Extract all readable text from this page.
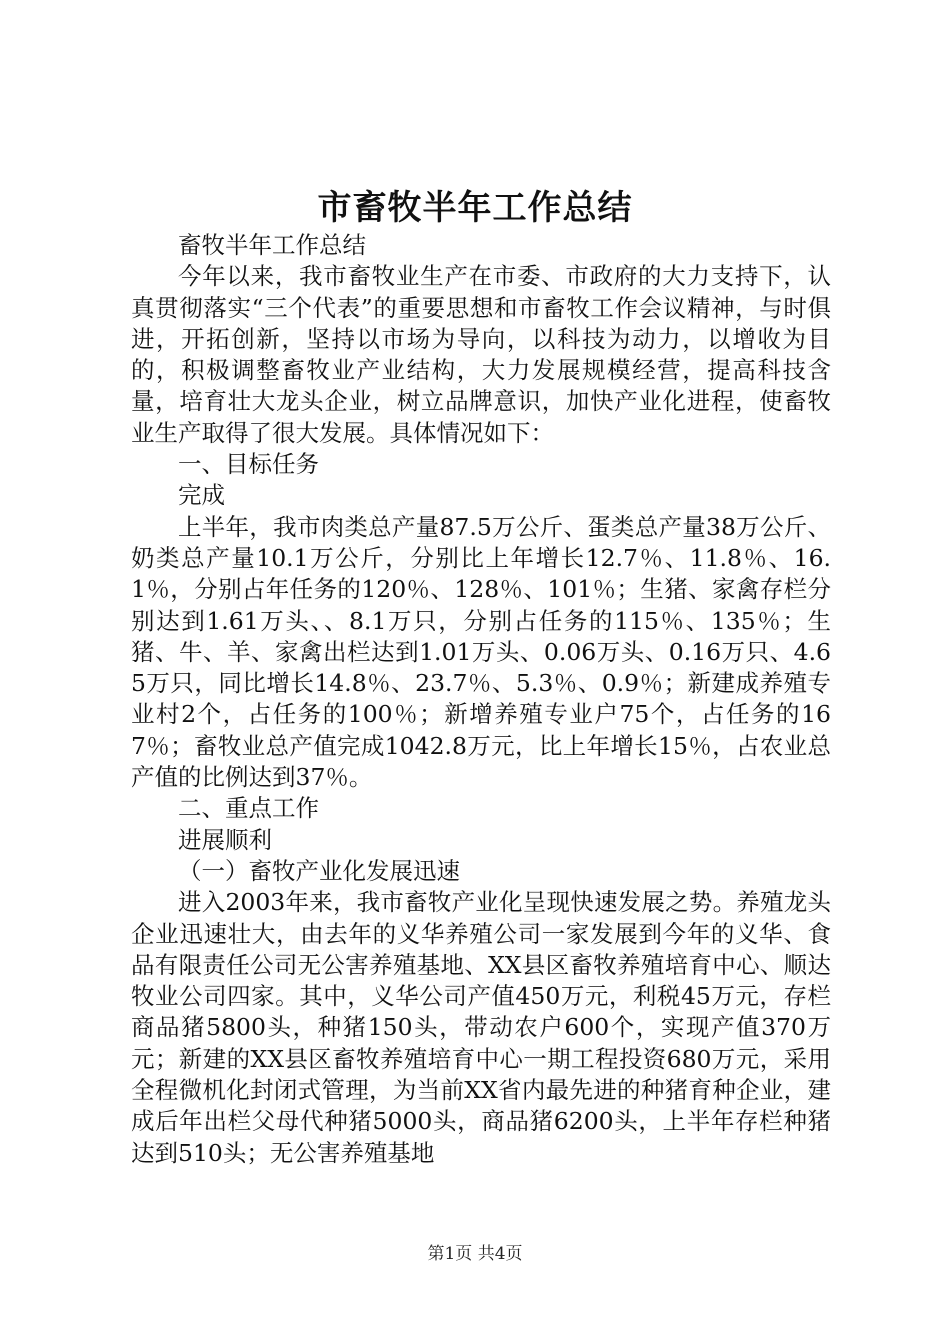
市畜牧半年工作总结

畜牧半年工作总结

今年以来，我市畜牧业生产在市委、市政府的大力支持下，认真贯彻落实“三个代表”的重要思想和市畜牧工作会议精神，与时俱进，开拓创新，坚持以市场为导向，以科技为动力，以增收为目的，积极调整畜牧业产业结构，大力发展规模经营，提高科技含量，培育壮大龙头企业，树立品牌意识，加快产业化进程，使畜牧业生产取得了很大发展。具体情况如下：

一、目标任务

完成

上半年，我市肉类总产量87.5万公斤、蛋类总产量38万公斤、奶类总产量10.1万公斤，分别比上年增长12.7％、11.8％、16.1％，分别占年任务的120％、128％、101％；生猪、家禽存栏分别达到1.61万头、、8.1万只，分别占任务的115％、135％；生猪、牛、羊、家禽出栏达到1.01万头、0.06万头、0.16万只、4.65万只，同比增长14.8％、23.7％、5.3％、0.9％；新建成养殖专业村2个，占任务的100％；新增养殖专业户75个，占任务的167％；畜牧业总产值完成1042.8万元，比上年增长15％，占农业总产值的比例达到37％。

二、重点工作

进展顺利

（一）畜牧产业化发展迅速

进入2003年来，我市畜牧产业化呈现快速发展之势。养殖龙头企业迅速壮大，由去年的义华养殖公司一家发展到今年的义华、食品有限责任公司无公害养殖基地、XX县区畜牧养殖培育中心、顺达牧业公司四家。其中，义华公司产值450万元，利税45万元，存栏商品猪5800头，种猪150头，带动农户600个，实现产值370万元；新建的XX县区畜牧养殖培育中心一期工程投资680万元，采用全程微机化封闭式管理，为当前XX省内最先进的种猪育种企业，建成后年出栏父母代种猪5000头，商品猪6200头，上半年存栏种猪达到510头；无公害养殖基地

第1页 共4页
